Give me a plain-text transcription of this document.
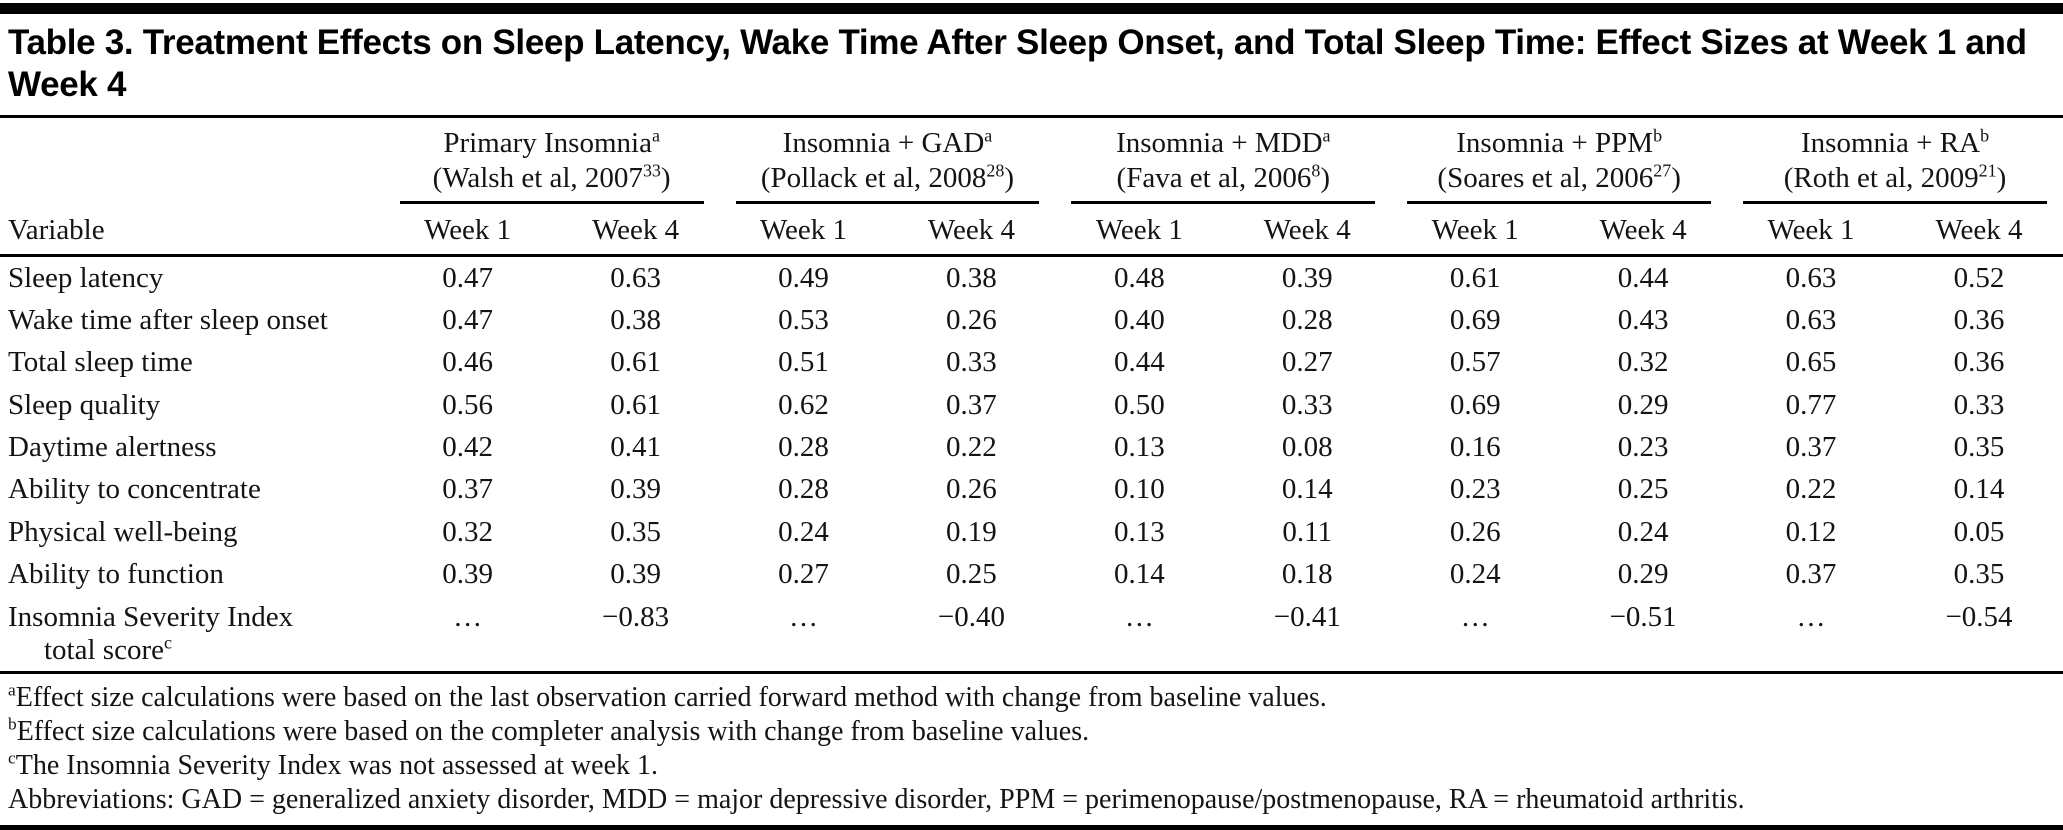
Table 3. Treatment Effects on Sleep Latency, Wake Time After Sleep Onset, and Total Sleep Time: Effect Sizes at Week 1 and Week 4

Primary Insomnia$^a$
(Walsh et al, 2007$^{33}$)

Insomnia + $GAD^a$
(Pollack et al, 2008$^{28}$)

Insomnia + $MDD^a$
(Fava et al, 2006$^8$)

Insomnia + $PPM^b$
(Soares et al, 2006$^{27}$)

Insomnia + $RA^b$
(Roth et al, 2009$^{21}$)

Variable	Week 1	Week 4	Week 1	Week 4	Week 1	Week 4	Week 1	Week 4	Week 1	Week 4

Sleep latency	0.47	0.63	0.49	0.38	0.48	0.39	0.61	0.44	0.63	0.52

Wake time after sleep onset	0.47	0.38	0.53	0.26	0.40	0.28	0.69	0.43	0.63	0.36

Total sleep time	0.46	0.61	0.51	0.33	0.44	0.27	0.57	0.32	0.65	0.36

Sleep quality	0.56	0.61	0.62	0.37	0.50	0.33	0.69	0.29	0.77	0.33

Daytime alertness	0.42	0.41	0.28	0.22	0.13	0.08	0.16	0.23	0.37	0.35

Ability to concentrate	0.37	0.39	0.28	0.26	0.10	0.14	0.23	0.25	0.22	0.14

Physical well-being	0.32	0.35	0.24	0.19	0.13	0.11	0.26	0.24	0.12	0.05

Ability to function	0.39	0.39	0.27	0.25	0.14	0.18	0.24	0.29	0.37	0.35

Insomnia Severity Index
total score$^c$	…	−0.83	…	−0.40	…	−0.41	…	−0.51	…	−0.54
$^a$Effect size calculations were based on the last observation carried forward method with change from baseline values.
$^b$Effect size calculations were based on the completer analysis with change from baseline values.
$^c$The Insomnia Severity Index was not assessed at week 1.
Abbreviations: GAD = generalized anxiety disorder, MDD = major depressive disorder, PPM = perimenopause/postmenopause, RA = rheumatoid arthritis.
